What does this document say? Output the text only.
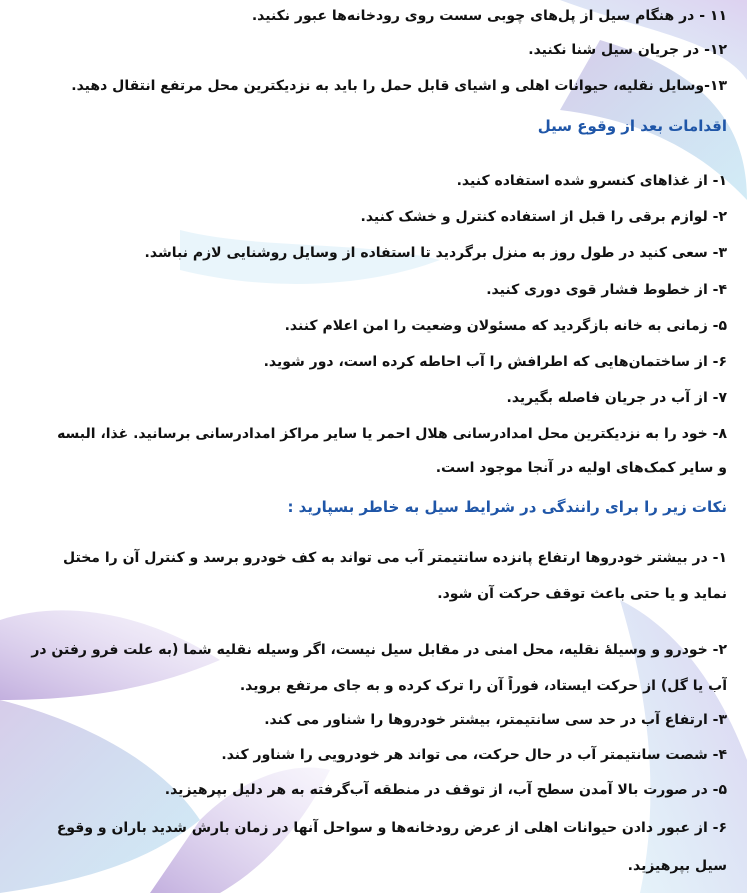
۱۱ - در هنگام سیل از پل‌های چوبی سست روی رودخانه‌ها عبور نکنید.
۱۲- در جریان سیل شنا نکنید.
۱۳-وسایل نقلیه، حیوانات اهلی و اشیای قابل حمل را باید به نزدیکترین محل مرتفع انتقال دهید.
اقدامات بعد از وقوع سیل
۱- از غذاهای کنسرو شده استفاده کنید.
۲- لوازم برقی را قبل از استفاده کنترل و خشک کنید.
۳- سعی کنید در طول روز به منزل برگردید تا استفاده از وسایل روشنایی لازم نباشد.
۴- از خطوط فشار قوی دوری کنید.
۵- زمانی به خانه بازگردید که مسئولان وضعیت را امن اعلام کنند.
۶- از ساختمان‌هایی که اطرافش را آب احاطه کرده است، دور شوید.
۷- از آب در جریان فاصله بگیرید.
۸- خود را به نزدیکترین محل امدادرسانی هلال احمر یا سایر مراکز امدادرسانی برسانید. غذا، البسه
و سایر کمک‌های اولیه در آنجا موجود است.
نکات زیر را برای رانندگی در شرایط سیل به خاطر بسپارید :
۱- در بیشتر خودروها ارتفاع پانزده سانتیمتر آب می تواند به کف خودرو برسد و کنترل آن را مختل
نماید و یا حتی باعث توقف حرکت آن شود.
۲- خودرو و وسیلهٔ نقلیه، محل امنی در مقابل سیل نیست، اگر وسیله نقلیه شما (به علت فرو رفتن در
آب یا گل) از حرکت ایستاد، فوراً آن را ترک کرده و به جای مرتفع بروید.
۳- ارتفاع آب در حد سی سانتیمتر، بیشتر خودروها را شناور می کند.
۴- شصت سانتیمتر آب در حال حرکت، می تواند هر خودرویی را شناور کند.
۵- در صورت بالا آمدن سطح آب، از توقف در منطقه آب‌گرفته به هر دلیل بپرهیزید.
۶- از عبور دادن حیوانات اهلی از عرض رودخانه‌ها و سواحل آنها در زمان بارش شدید باران و وقوع
سیل بپرهیزید.
